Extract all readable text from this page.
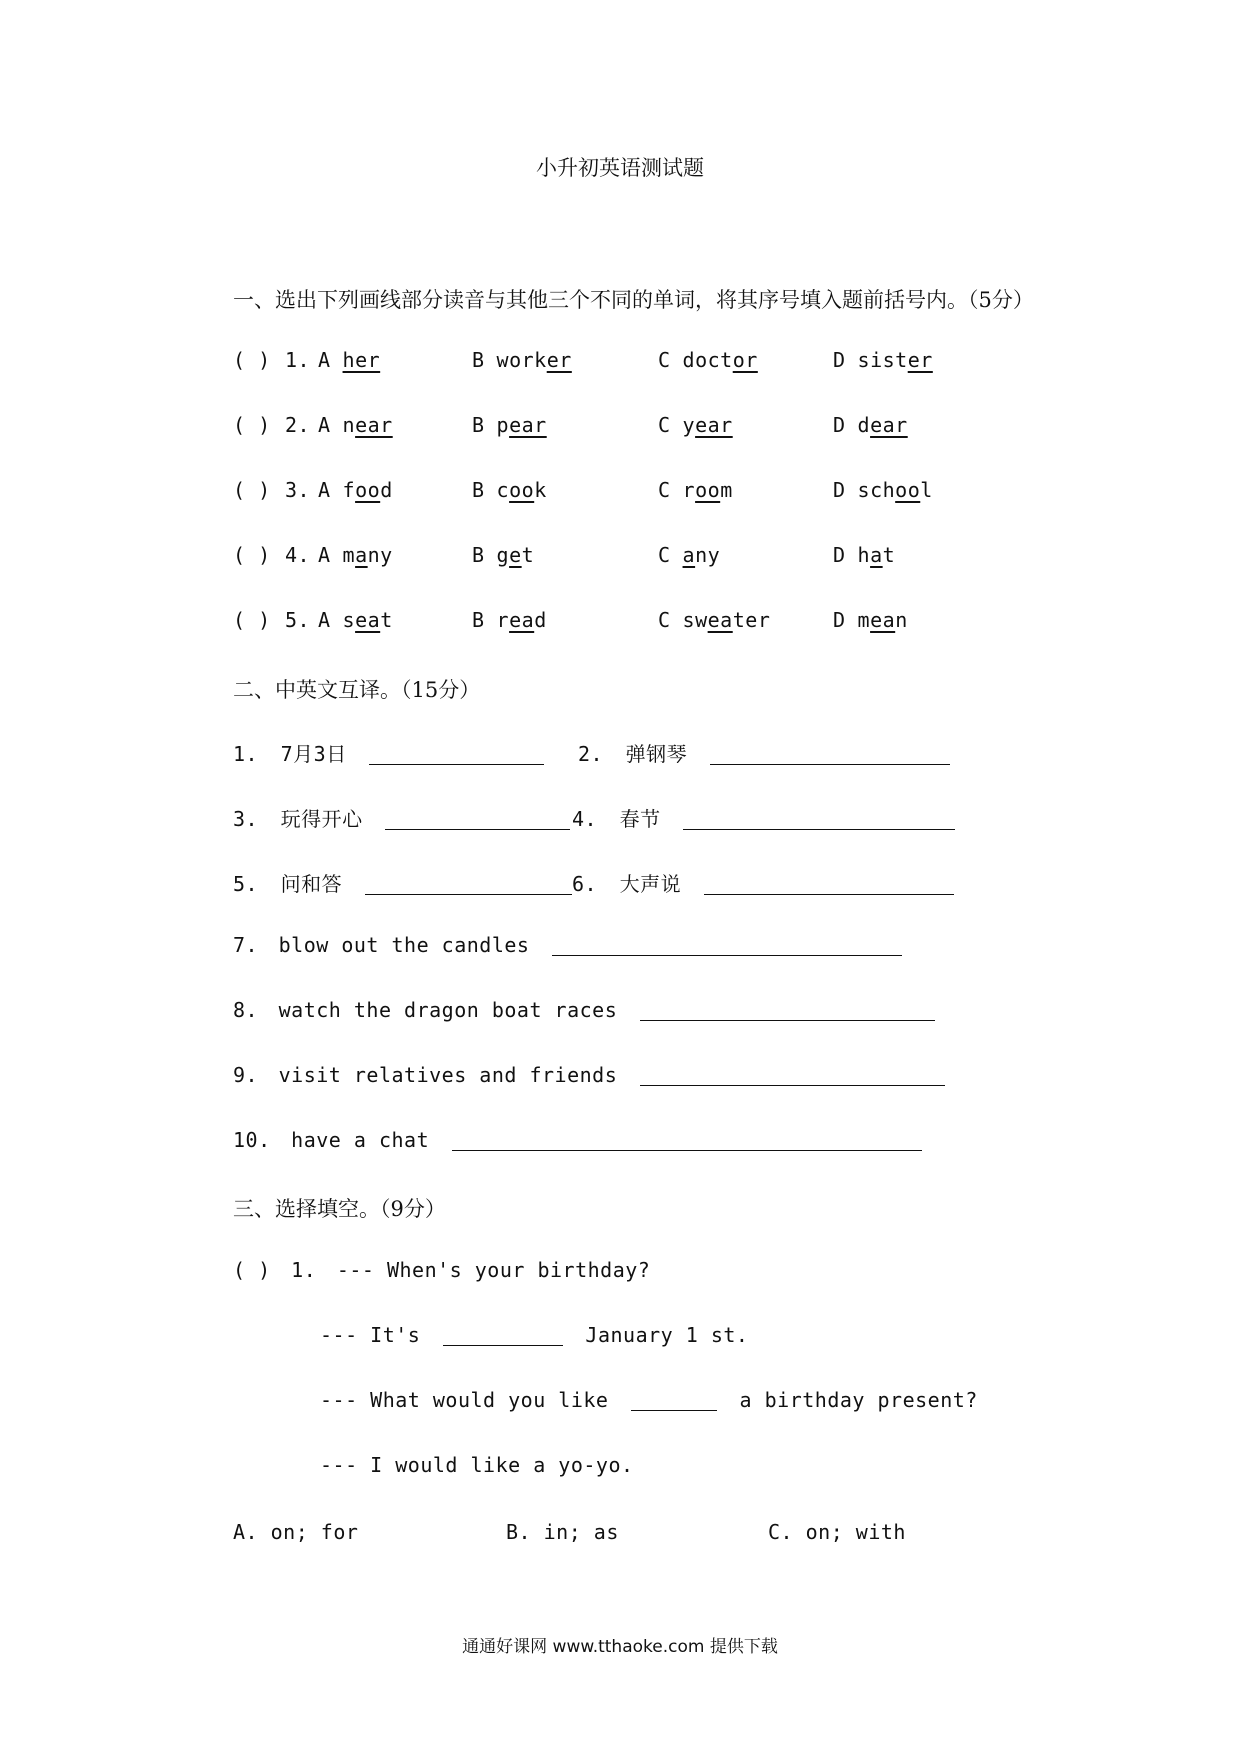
小升初英语测试题
一、选出下列画线部分读音与其他三个不同的单词，将其序号填入题前括号内。（5分）
( ) 1. A her	B worker	C doctor	D sister
( ) 2. A near	B pear	C year	D dear
( ) 3. A food	B cook	C room	D school
( ) 4. A many	B get	C any	D hat
( ) 5. A seat	B read	C sweater	D mean
二、中英文互译。（15分）
1. 7月3日	2. 弹钢琴
3. 玩得开心	4. 春节
5. 问和答	6. 大声说
7. blow out the candles
8. watch the dragon boat races
9. visit relatives and friends
10. have a chat
三、选择填空。（9分）
( ) 1. --- When's your birthday?
--- It's	January 1 st.
--- What would you like	a birthday present?
--- I would like a yo-yo.
A. on; for	B. in; as	C. on; with
通通好课网 www.tthaoke.com 提供下载
